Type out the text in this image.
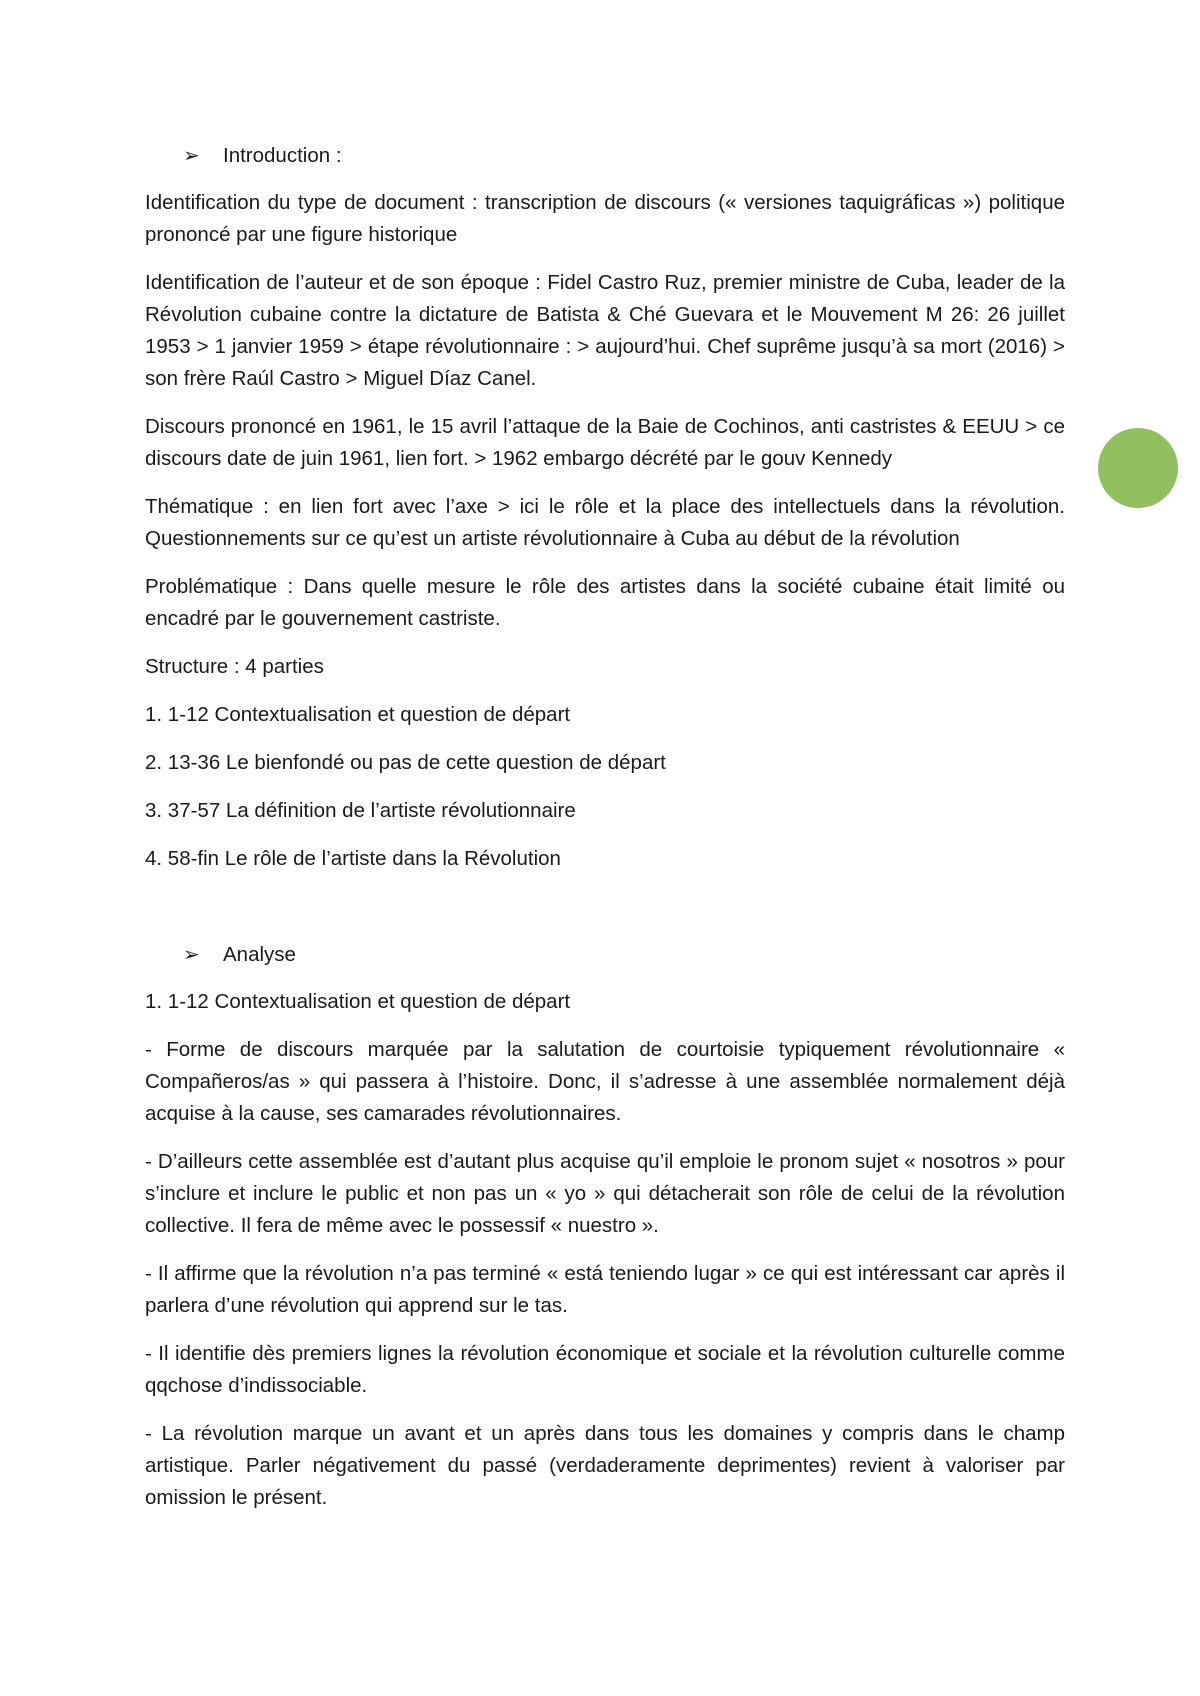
➢	Introduction :
Identification du type de document : transcription de discours (« versiones taquigráficas ») politique prononcé par une figure historique
Identification de l’auteur et de son époque : Fidel Castro Ruz, premier ministre de Cuba, leader de la Révolution cubaine contre la dictature de Batista & Ché Guevara et le Mouvement M 26: 26 juillet 1953 > 1 janvier 1959 > étape révolutionnaire : > aujourd’hui. Chef suprême jusqu’à sa mort (2016) > son frère Raúl Castro > Miguel Díaz Canel.
Discours prononcé en 1961, le 15 avril l’attaque de la Baie de Cochinos, anti castristes & EEUU > ce discours date de juin 1961, lien fort. > 1962 embargo décrété par le gouv Kennedy
Thématique : en lien fort avec l’axe > ici le rôle et la place des intellectuels dans la révolution. Questionnements sur ce qu’est un artiste révolutionnaire à Cuba au début de la révolution
Problématique : Dans quelle mesure le rôle des artistes dans la société cubaine était limité ou encadré par le gouvernement castriste.
Structure : 4 parties
1. 1-12 Contextualisation et question de départ
2. 13-36 Le bienfondé ou pas de cette question de départ
3. 37-57 La définition de l’artiste révolutionnaire
4. 58-fin Le rôle de l’artiste dans la Révolution
➢	Analyse
1. 1-12 Contextualisation et question de départ
- Forme de discours marquée par la salutation de courtoisie typiquement révolutionnaire « Compañeros/as » qui passera à l’histoire. Donc, il s’adresse à une assemblée normalement déjà acquise à la cause, ses camarades révolutionnaires.
- D’ailleurs cette assemblée est d’autant plus acquise qu’il emploie le pronom sujet « nosotros » pour s’inclure et inclure le public et non pas un « yo » qui détacherait son rôle de celui de la révolution collective. Il fera de même avec le possessif « nuestro ».
- Il affirme que la révolution n’a pas terminé « está teniendo lugar » ce qui est intéressant car après il parlera d’une révolution qui apprend sur le tas.
- Il identifie dès premiers lignes la révolution économique et sociale et la révolution culturelle comme qqchose d’indissociable.
- La révolution marque un avant et un après dans tous les domaines y compris dans le champ artistique. Parler négativement du passé (verdaderamente deprimentes) revient à valoriser par omission le présent.
